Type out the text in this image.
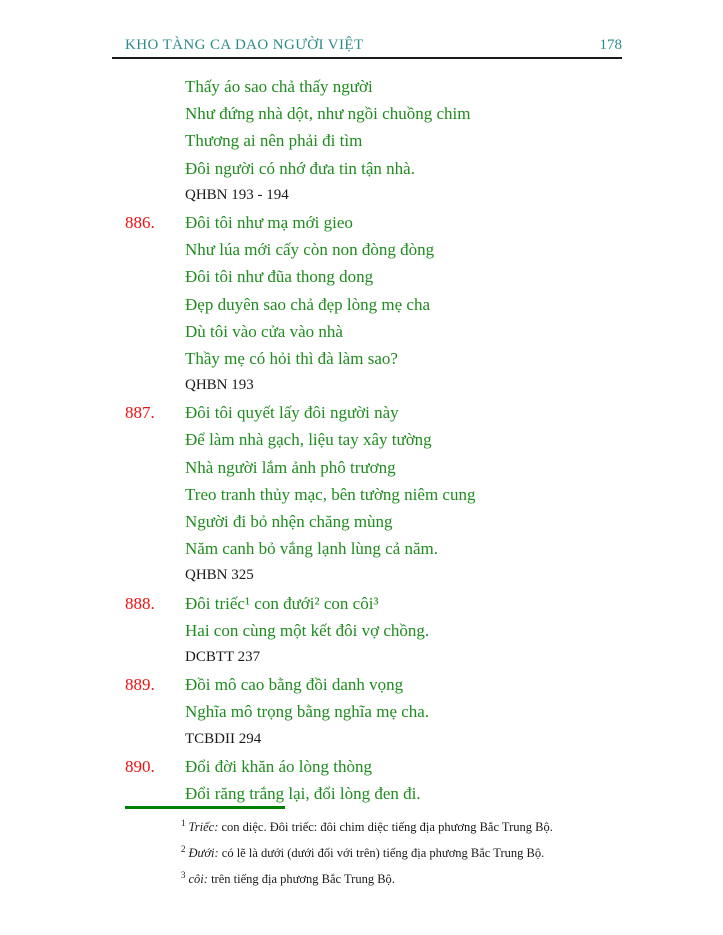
KHO TÀNG CA DAO NGƯỜI VIỆT	178
Thấy áo sao chả thấy người
Như đứng nhà dột, như ngồi chuồng chim
Thương ai nên phải đi tìm
Đôi người có nhớ đưa tin tận nhà.
QHBN 193 - 194
886. Đôi tôi như mạ mới gieo
Như lúa mới cấy còn non đòng đòng
Đôi tôi như đũa thong dong
Đẹp duyên sao chả đẹp lòng mẹ cha
Dù tôi vào cửa vào nhà
Thầy mẹ có hỏi thì đà làm sao?
QHBN 193
887. Đôi tôi quyết lấy đôi người này
Để làm nhà gạch, liệu tay xây tường
Nhà người lắm ảnh phô trương
Treo tranh thủy mạc, bên tường niêm cung
Người đi bỏ nhện chăng mùng
Năm canh bỏ vắng lạnh lùng cả năm.
QHBN 325
888. Đôi triếc¹ con đưới² con côi³
Hai con cùng một kết đôi vợ chồng.
DCBTT 237
889. Đồi mô cao bằng đồi danh vọng
Nghĩa mô trọng bằng nghĩa mẹ cha.
TCBDII 294
890. Đổi đời khăn áo lòng thòng
Đổi răng trắng lại, đổi lòng đen đi.
$^1$ Triếc: con diệc. Đôi triếc: đôi chim diệc tiếng địa phương Bắc Trung Bộ.
$^2$ Đưới: có lẽ là dưới (dưới đối với trên) tiếng địa phương Bắc Trung Bộ.
$^3$ côi: trên tiếng địa phương Bắc Trung Bộ.
